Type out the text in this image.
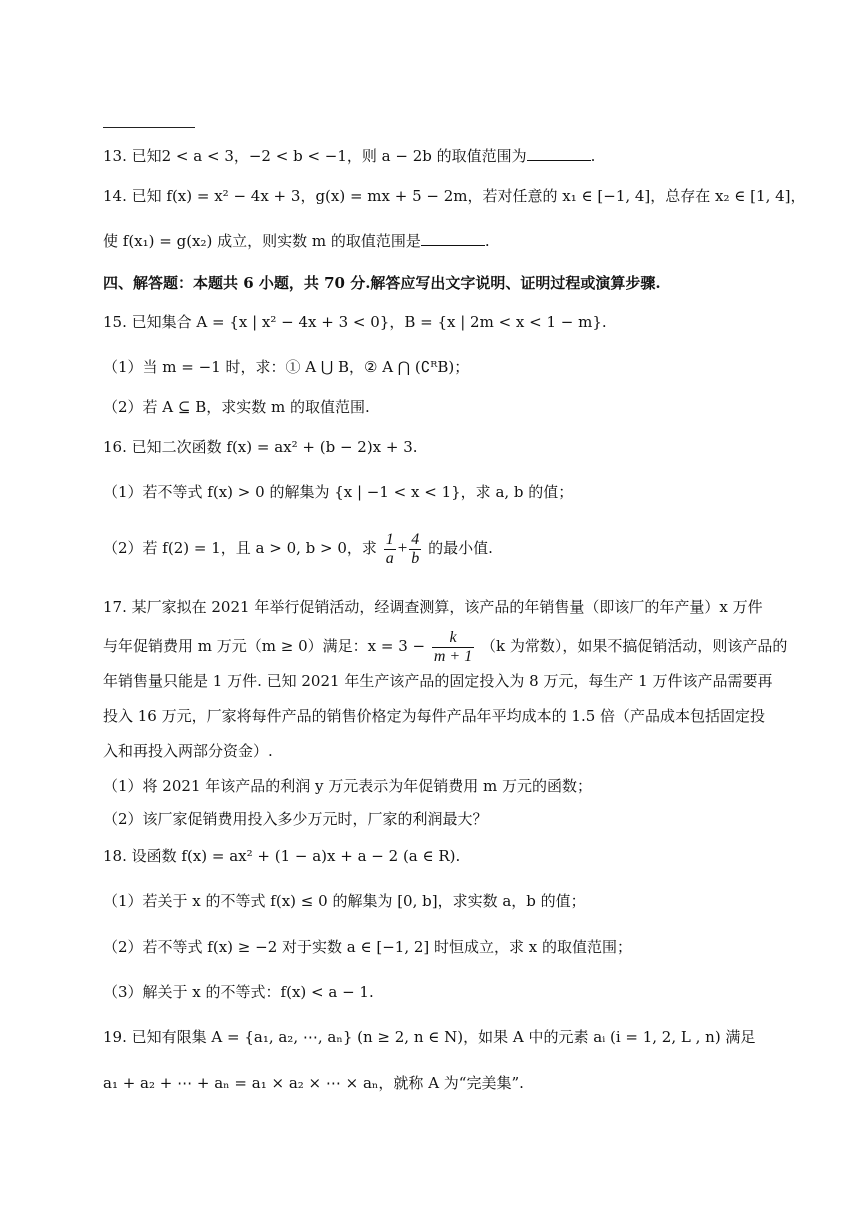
13. 已知2 < a < 3，−2 < b < −1，则 a − 2b 的取值范围为	.
14. 已知 f(x) = x² − 4x + 3，g(x) = mx + 5 − 2m，若对任意的 x₁ ∈ [−1, 4]，总存在 x₂ ∈ [1, 4]，
使 f(x₁) = g(x₂) 成立，则实数 m 的取值范围是	.
四、解答题：本题共 6 小题，共 70 分.解答应写出文字说明、证明过程或演算步骤.
15. 已知集合 A = {x | x² − 4x + 3 < 0}，B = {x | 2m < x < 1 − m}.
（1）当 m = −1 时，求：① A ⋃ B，② A ⋂ (∁ᴿB)；
（2）若 A ⊆ B，求实数 m 的取值范围.
16. 已知二次函数 f(x) = ax² + (b − 2)x + 3.
（1）若不等式 f(x) > 0 的解集为 {x | −1 < x < 1}，求 a, b 的值；
（2）若 f(2) = 1，且 a > 0, b > 0，求 $\frac{1}{a} + \frac{4}{b}$ 的最小值.
17. 某厂家拟在 2021 年举行促销活动，经调查测算，该产品的年销售量（即该厂的年产量）x 万件
与年促销费用 m 万元（m ≥ 0）满足：$x = 3 - \frac{k}{m + 1} (k$ 为常数），如果不搞促销活动，则该产品的
年销售量只能是 1 万件. 已知 2021 年生产该产品的固定投入为 8 万元，每生产 1 万件该产品需要再
投入 16 万元，厂家将每件产品的销售价格定为每件产品年平均成本的 1.5 倍（产品成本包括固定投
入和再投入两部分资金）.
（1）将 2021 年该产品的利润 y 万元表示为年促销费用 m 万元的函数；
（2）该厂家促销费用投入多少万元时，厂家的利润最大？
18. 设函数 f(x) = ax² + (1 − a)x + a − 2 (a ∈ R).
（1）若关于 x 的不等式 f(x) ≤ 0 的解集为 [0, b]，求实数 a，b 的值；
（2）若不等式 f(x) ≥ −2 对于实数 a ∈ [−1, 2] 时恒成立，求 x 的取值范围；
（3）解关于 x 的不等式：f(x) < a − 1.
19. 已知有限集 A = {a₁, a₂, ⋯, aₙ} (n ≥ 2, n ∈ N)，如果 A 中的元素 aᵢ (i = 1, 2, L , n) 满足
a₁ + a₂ + ⋯ + aₙ = a₁ × a₂ × ⋯ × aₙ，就称 A 为“完美集”.
